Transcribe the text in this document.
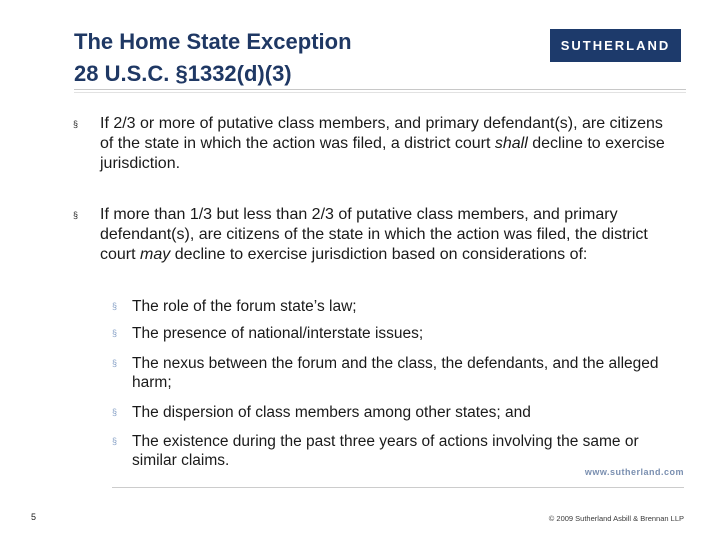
The Home State Exception
28 U.S.C. §1332(d)(3)
SUTHERLAND
§ If 2/3 or more of putative class members, and primary defendant(s), are citizens of the state in which the action was filed, a district court shall decline to exercise jurisdiction.
§ If more than 1/3 but less than 2/3 of putative class members, and primary defendant(s), are citizens of the state in which the action was filed, the district court may decline to exercise jurisdiction based on considerations of:
§ The role of the forum state’s law;
§ The presence of national/interstate issues;
§ The nexus between the forum and the class, the defendants, and the alleged harm;
§ The dispersion of class members among other states; and
§ The existence during the past three years of actions involving the same or similar claims.
www.sutherland.com
5	© 2009 Sutherland Asbill & Brennan LLP
